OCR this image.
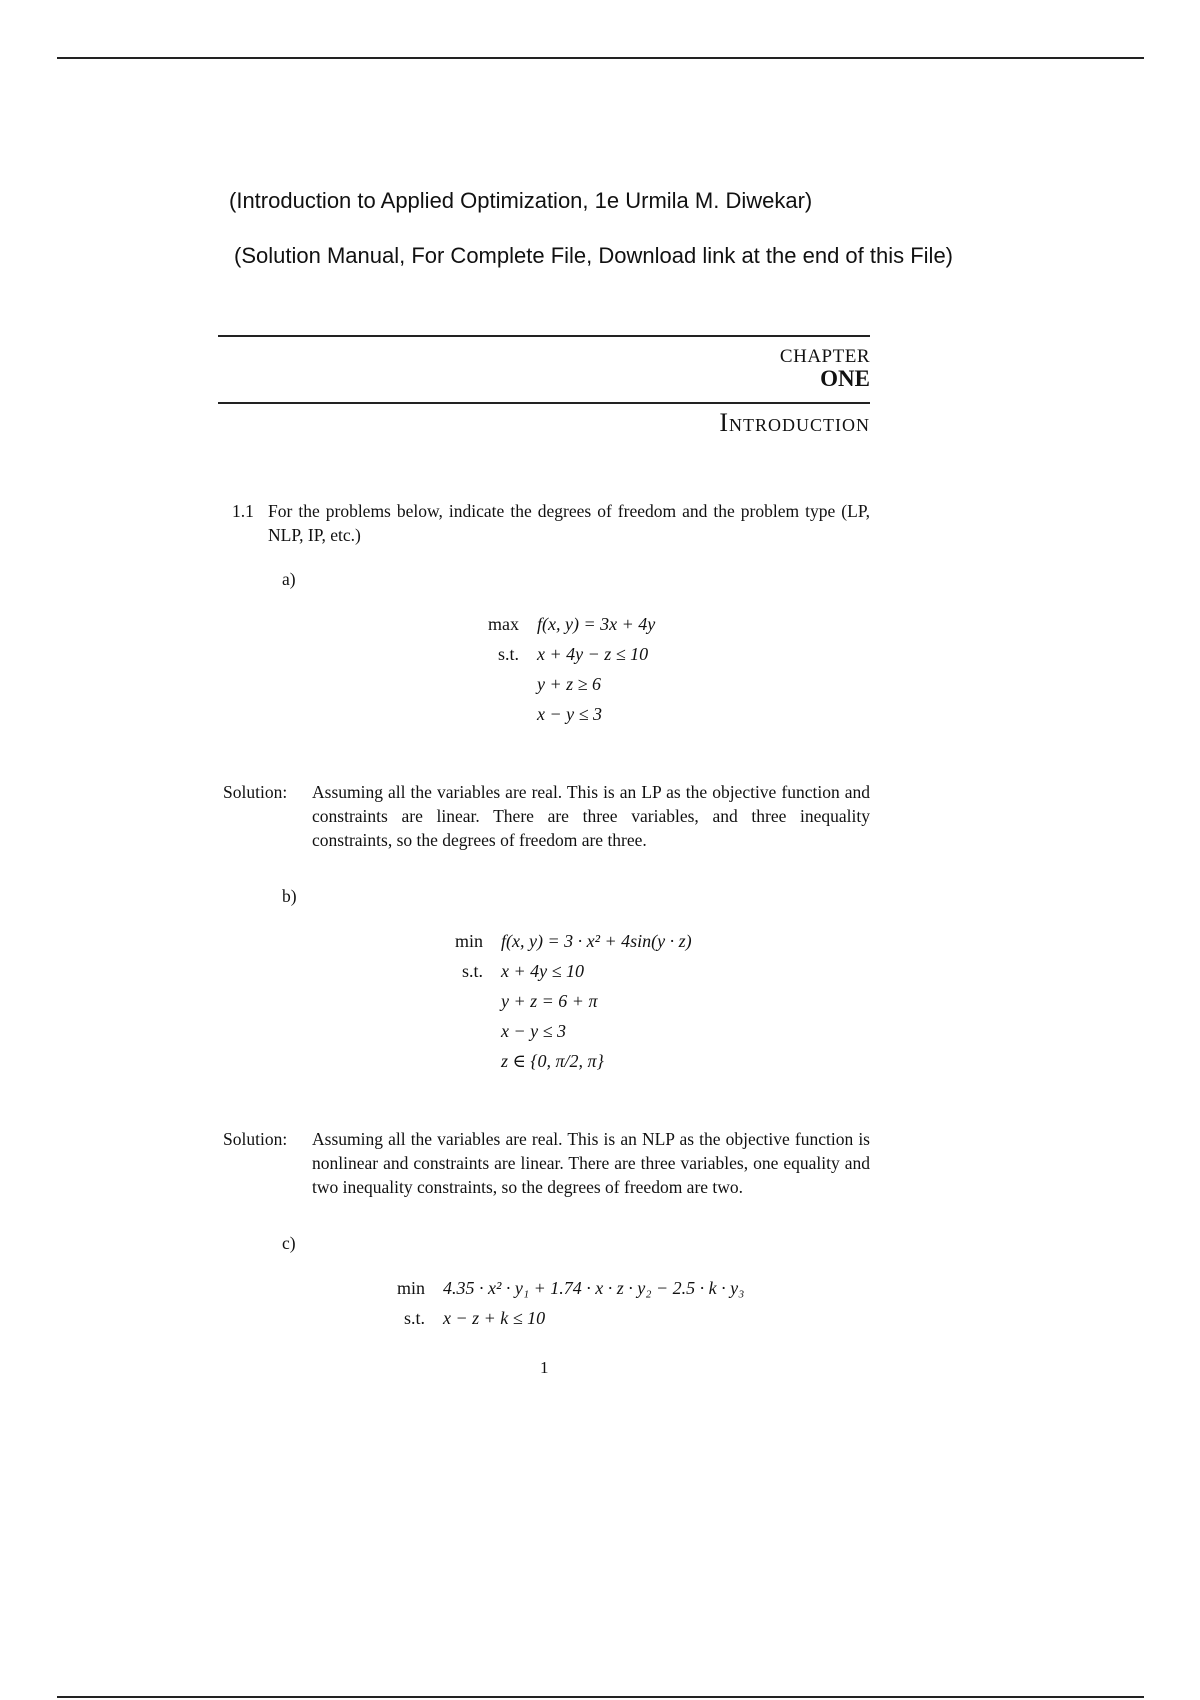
(Introduction to Applied Optimization, 1e Urmila M. Diwekar)
(Solution Manual, For Complete File, Download link at the end of this File)
CHAPTER
ONE
Introduction
1.1 For the problems below, indicate the degrees of freedom and the problem type (LP, NLP, IP, etc.)
a)
max	f(x, y) = 3x + 4y
s.t.	x + 4y − z ≤ 10
	y + z ≥ 6
	x − y ≤ 3
Solution: Assuming all the variables are real. This is an LP as the objective function and constraints are linear. There are three variables, and three inequality constraints, so the degrees of freedom are three.
b)
min	f(x, y) = 3 · x² + 4sin(y · z)
s.t.	x + 4y ≤ 10
	y + z = 6 + π
	x − y ≤ 3
	z ∈ {0, π/2, π}
Solution: Assuming all the variables are real. This is an NLP as the objective function is nonlinear and constraints are linear. There are three variables, one equality and two inequality constraints, so the degrees of freedom are two.
c)
min	4.35 · x² · y₁ + 1.74 · x · z · y₂ − 2.5 · k · y₃
s.t.	x − z + k ≤ 10
1
